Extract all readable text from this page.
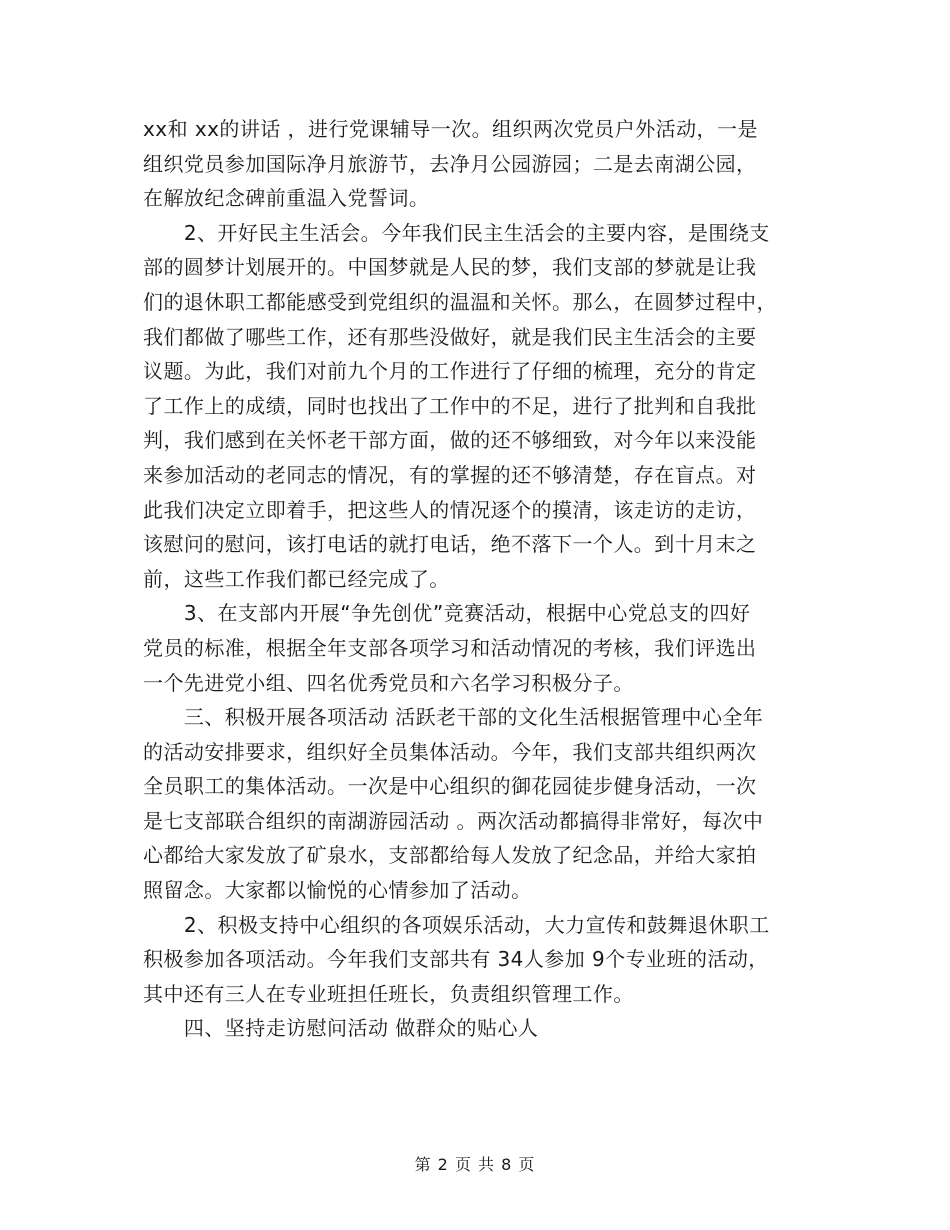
xx和 xx的讲话 ，进行党课辅导一次。组织两次党员户外活动，一是
组织党员参加国际净月旅游节，去净月公园游园；二是去南湖公园，
在解放纪念碑前重温入党誓词。
　　2、开好民主生活会。今年我们民主生活会的主要内容，是围绕支
部的圆梦计划展开的。中国梦就是人民的梦，我们支部的梦就是让我
们的退休职工都能感受到党组织的温温和关怀。那么，在圆梦过程中，
我们都做了哪些工作，还有那些没做好，就是我们民主生活会的主要
议题。为此，我们对前九个月的工作进行了仔细的梳理，充分的肯定
了工作上的成绩，同时也找出了工作中的不足，进行了批判和自我批
判，我们感到在关怀老干部方面，做的还不够细致，对今年以来没能
来参加活动的老同志的情况，有的掌握的还不够清楚，存在盲点。对
此我们决定立即着手，把这些人的情况逐个的摸清，该走访的走访，
该慰问的慰问，该打电话的就打电话，绝不落下一个人。到十月末之
前，这些工作我们都已经完成了。
　　3、在支部内开展“争先创优”竞赛活动，根据中心党总支的四好
党员的标准，根据全年支部各项学习和活动情况的考核，我们评选出
一个先进党小组、四名优秀党员和六名学习积极分子。
　　三、积极开展各项活动 活跃老干部的文化生活根据管理中心全年
的活动安排要求，组织好全员集体活动。今年，我们支部共组织两次
全员职工的集体活动。一次是中心组织的御花园徒步健身活动，一次
是七支部联合组织的南湖游园活动 。两次活动都搞得非常好，每次中
心都给大家发放了矿泉水，支部都给每人发放了纪念品，并给大家拍
照留念。大家都以愉悦的心情参加了活动。
　　2、积极支持中心组织的各项娱乐活动，大力宣传和鼓舞退休职工
积极参加各项活动。今年我们支部共有 34人参加 9个专业班的活动，
其中还有三人在专业班担任班长，负责组织管理工作。
　　四、坚持走访慰问活动 做群众的贴心人
第 2 页 共 8 页
